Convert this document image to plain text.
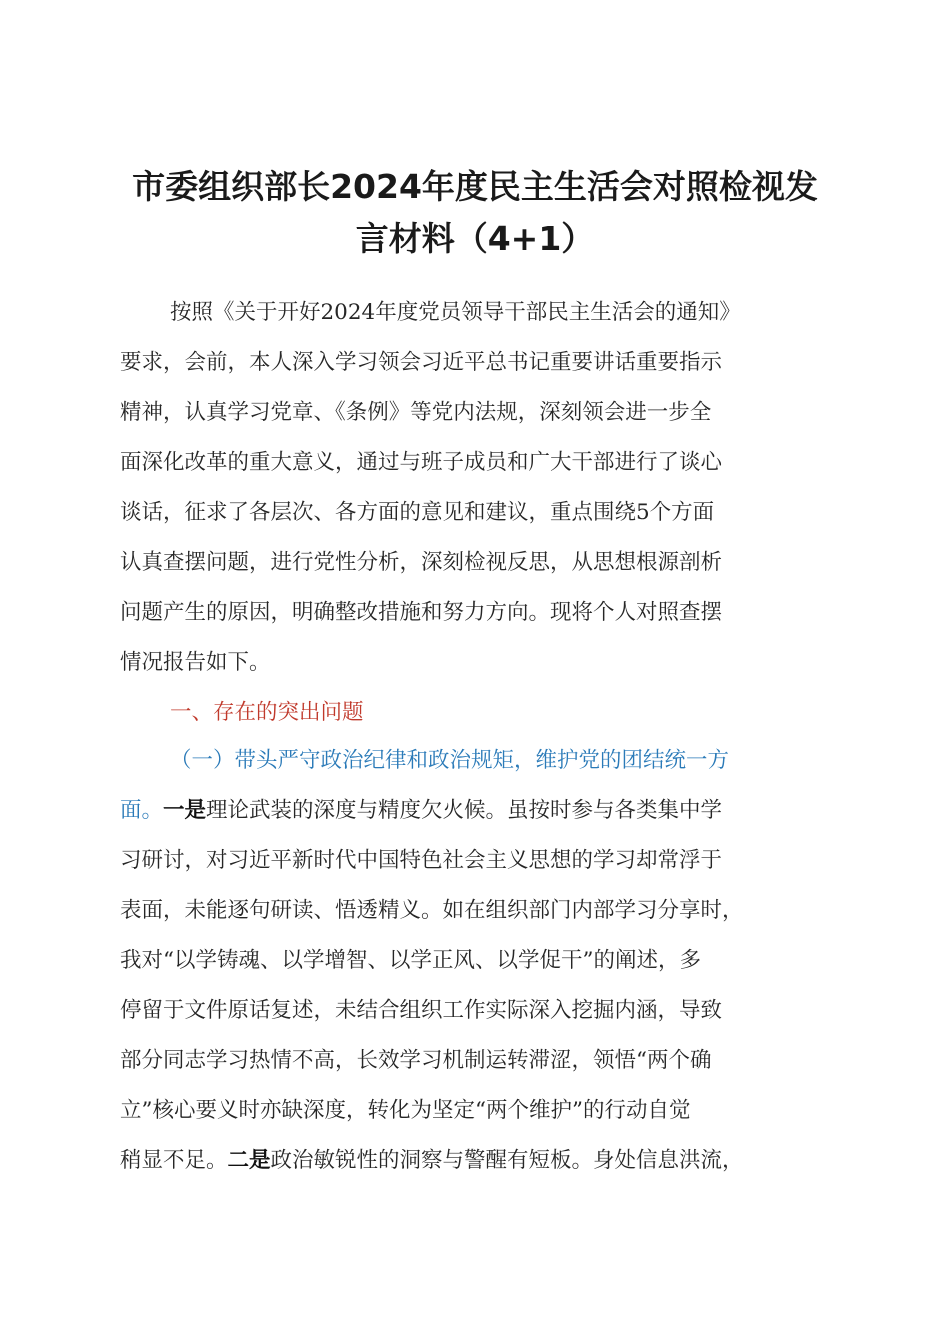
市委组织部长2024年度民主生活会对照检视发
言材料（4+1）
按照《关于开好2024年度党员领导干部民主生活会的通知》
要求，会前，本人深入学习领会习近平总书记重要讲话重要指示
精神，认真学习党章、《条例》等党内法规，深刻领会进一步全
面深化改革的重大意义，通过与班子成员和广大干部进行了谈心
谈话，征求了各层次、各方面的意见和建议，重点围绕5个方面
认真查摆问题，进行党性分析，深刻检视反思，从思想根源剖析
问题产生的原因，明确整改措施和努力方向。现将个人对照查摆
情况报告如下。
一、存在的突出问题
（一）带头严守政治纪律和政治规矩，维护党的团结统一方
面。一是理论武装的深度与精度欠火候。虽按时参与各类集中学
习研讨，对习近平新时代中国特色社会主义思想的学习却常浮于
表面，未能逐句研读、悟透精义。如在组织部门内部学习分享时，
我对“以学铸魂、以学增智、以学正风、以学促干”的阐述，多
停留于文件原话复述，未结合组织工作实际深入挖掘内涵，导致
部分同志学习热情不高，长效学习机制运转滞涩，领悟“两个确
立”核心要义时亦缺深度，转化为坚定“两个维护”的行动自觉
稍显不足。二是政治敏锐性的洞察与警醒有短板。身处信息洪流，
